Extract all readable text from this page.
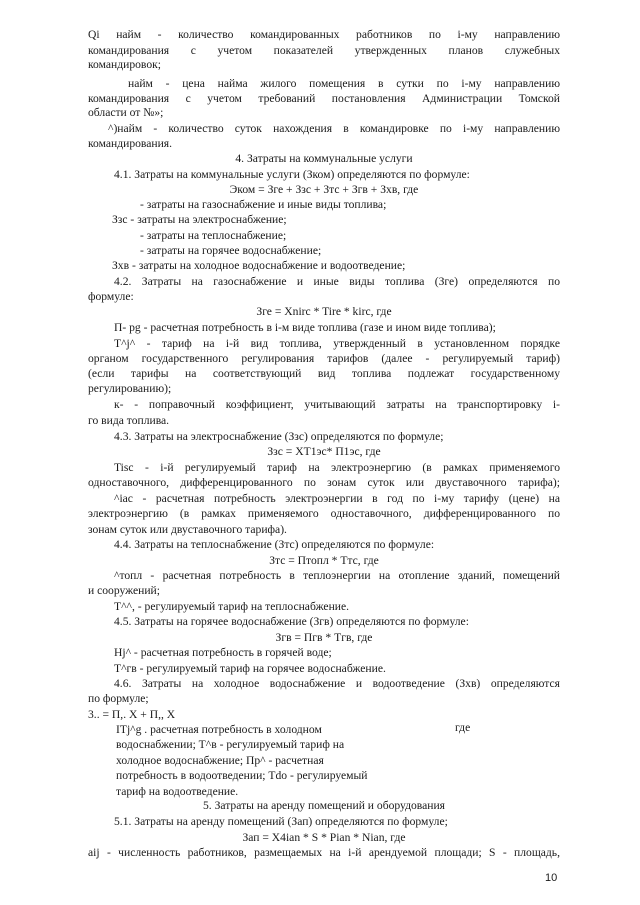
Qi найм - количество командированных работников по i-му направлению
командирования с учетом показателей утвержденных планов служебных
командировок;
найм - цена найма жилого помещения в сутки по i-му направлению
командирования с учетом требований постановления Администрации Томской
области от №»;
^)найм - количество суток нахождения в командировке по i-му направлению
командирования.
4. Затраты на коммунальные услуги
4.1. Затраты на коммунальные услуги (Зком) определяются по формуле:
Эком = Зге + Ззс + Зтс + Згв + Зхв, где
- затраты на газоснабжение и иные виды топлива;
Ззс - затраты на электроснабжение;
- затраты на теплоснабжение;
- затраты на горячее водоснабжение;
Зхв - затраты на холодное водоснабжение и водоотведение;
4.2. Затраты на газоснабжение и иные виды топлива (Зге) определяются по
формуле:
Зге = Xnirc * Tire * kirc, где
П- pg - расчетная потребность в i-м виде топлива (газе и ином виде топлива);
Т^j^ - тариф на i-й вид топлива, утвержденный в установленном порядке
органом государственного регулирования тарифов (далее - регулируемый тариф)
(если тарифы на соответствующий вид топлива подлежат государственному
регулированию);
к- - поправочный коэффициент, учитывающий затраты на транспортировку i-
го вида топлива.
4.3. Затраты на электроснабжение (Ззс) определяются по формуле;
Ззс = XT1эс* П1эс, где
Tisc - i-й регулируемый тариф на электроэнергию (в рамках применяемого
одноставочного, дифференцированного по зонам суток или двуставочного тарифа);
^iac - расчетная потребность электроэнергии в год по i-му тарифу (цене) на
электроэнергию (в рамках применяемого одноставочного, дифференцированного по
зонам суток или двуставочного тарифа).
4.4. Затраты на теплоснабжение (Зтс) определяются по формуле:
Зтс = Птопл * Ттс, где
^топл - расчетная потребность в теплоэнергии на отопление зданий, помещений
и сооружений;
Т^^, - регулируемый тариф на теплоснабжение.
4.5. Затраты на горячее водоснабжение (Згв) определяются по формуле:
Згв = Пгв * Тгв, где
Hj^ - расчетная потребность в горячей воде;
Т^гв - регулируемый тариф на горячее водоснабжение.
4.6. Затраты на холодное водоснабжение и водоотведение (Зхв) определяются
по формуле;
3.. = П,. Х + П,, Х
ITj^g . расчетная потребность в холодном
водоснабжении; Т^в - регулируемый тариф на
холодное водоснабжение; Пр^ - расчетная
потребность в водоотведении; Tdo - регулируемый
тариф на водоотведение.
5. Затраты на аренду помещений и оборудования
5.1. Затраты на аренду помещений (Зап) определяются по формуле;
Зап = X4ian * S * Pian * Nian, где
aij - численность работников, размещаемых на i-й арендуемой площади; S - площадь,
где
10
